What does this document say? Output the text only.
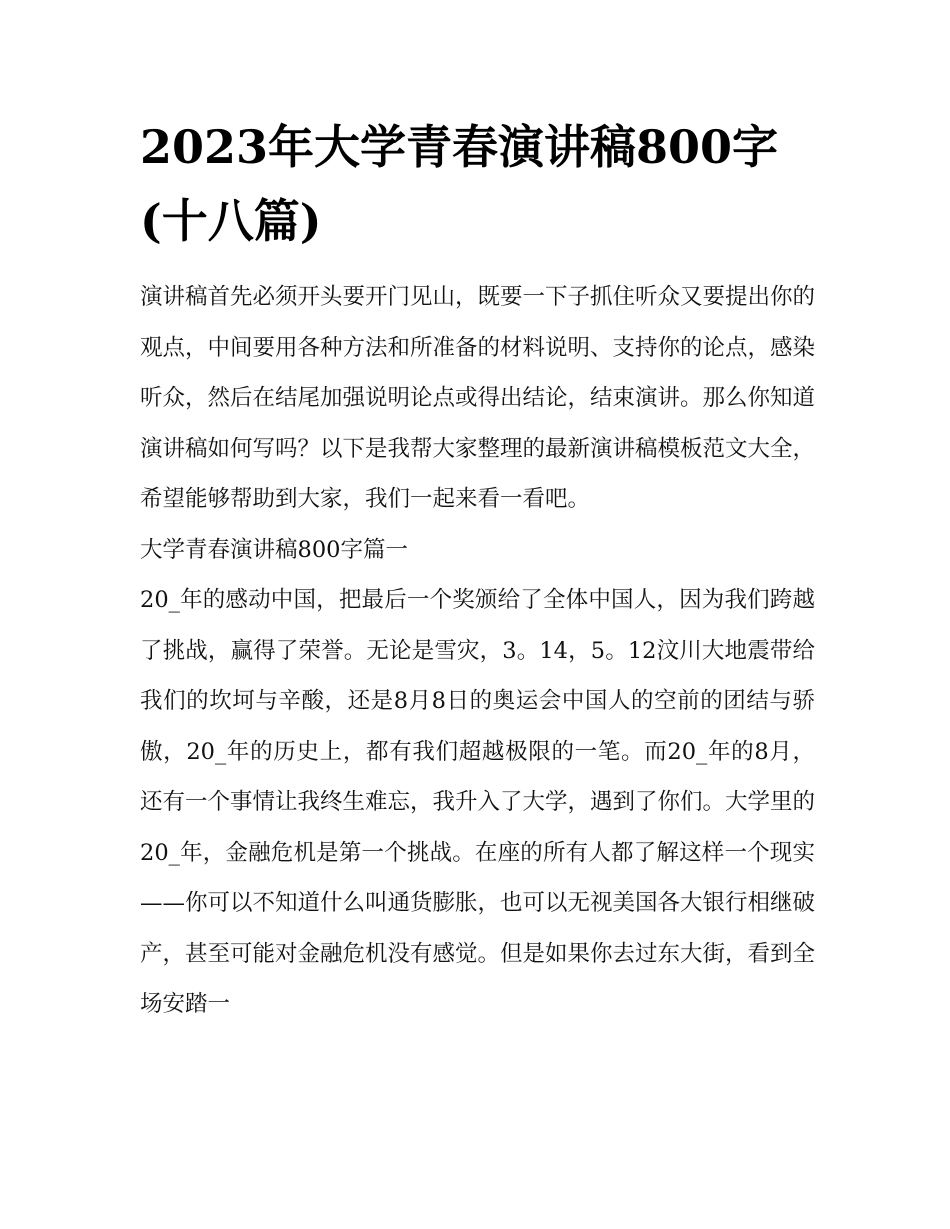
2023年大学青春演讲稿800字(十八篇)

演讲稿首先必须开头要开门见山，既要一下子抓住听众又要提出你的观点，中间要用各种方法和所准备的材料说明、支持你的论点，感染听众，然后在结尾加强说明论点或得出结论，结束演讲。那么你知道演讲稿如何写吗？以下是我帮大家整理的最新演讲稿模板范文大全，希望能够帮助到大家，我们一起来看一看吧。

大学青春演讲稿800字篇一

20_年的感动中国，把最后一个奖颁给了全体中国人，因为我们跨越了挑战，赢得了荣誉。无论是雪灾，3。14，5。12汶川大地震带给我们的坎坷与辛酸，还是8月8日的奥运会中国人的空前的团结与骄傲，20_年的历史上，都有我们超越极限的一笔。而20_年的8月，还有一个事情让我终生难忘，我升入了大学，遇到了你们。大学里的20_年，金融危机是第一个挑战。在座的所有人都了解这样一个现实——你可以不知道什么叫通货膨胀，也可以无视美国各大银行相继破产，甚至可能对金融危机没有感觉。但是如果你去过东大街，看到全场安踏一
